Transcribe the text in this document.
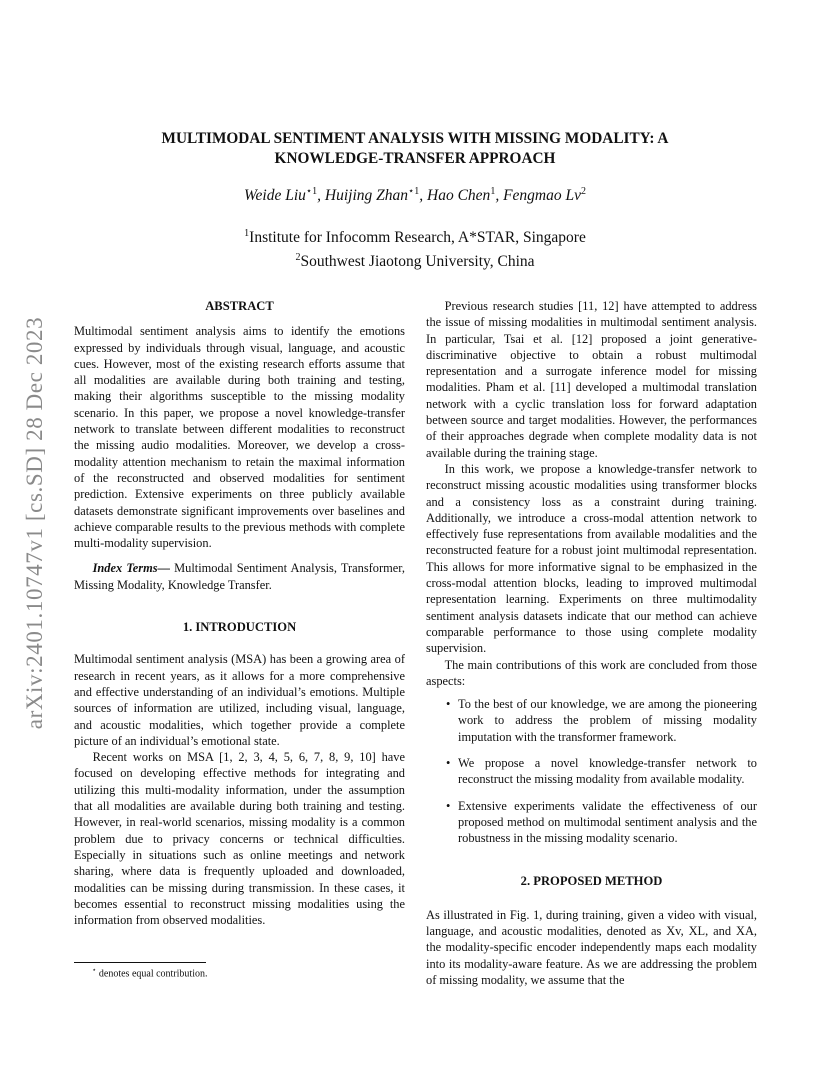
arXiv:2401.10747v1 [cs.SD] 28 Dec 2023
MULTIMODAL SENTIMENT ANALYSIS WITH MISSING MODALITY: A
KNOWLEDGE-TRANSFER APPROACH
Weide Liu$^{⋆1}$, Huijing Zhan$^{⋆1}$, Hao Chen$^1$, Fengmao Lv$^2$
$^1$Institute for Infocomm Research, A*STAR, Singapore
$^2$Southwest Jiaotong University, China
ABSTRACT

Multimodal sentiment analysis aims to identify the emotions expressed by individuals through visual, language, and acoustic cues. However, most of the existing research efforts assume that all modalities are available during both training and testing, making their algorithms susceptible to the missing modality scenario. In this paper, we propose a novel knowledge-transfer network to translate between different modalities to reconstruct the missing audio modalities. Moreover, we develop a cross-modality attention mechanism to retain the maximal information of the reconstructed and observed modalities for sentiment prediction. Extensive experiments on three publicly available datasets demonstrate significant improvements over baselines and achieve comparable results to the previous methods with complete multi-modality supervision.

Index Terms— Multimodal Sentiment Analysis, Transformer, Missing Modality, Knowledge Transfer.

1. INTRODUCTION

Multimodal sentiment analysis (MSA) has been a growing area of research in recent years, as it allows for a more comprehensive and effective understanding of an individual’s emotions. Multiple sources of information are utilized, including visual, language, and acoustic modalities, which together provide a complete picture of an individual’s emotional state.

Recent works on MSA [1, 2, 3, 4, 5, 6, 7, 8, 9, 10] have focused on developing effective methods for integrating and utilizing this multi-modality information, under the assumption that all modalities are available during both training and testing. However, in real-world scenarios, missing modality is a common problem due to privacy concerns or technical difficulties. Especially in situations such as online meetings and network sharing, where data is frequently uploaded and downloaded, modalities can be missing during transmission. In these cases, it becomes essential to reconstruct missing modalities using the information from observed modalities.

Previous research studies [11, 12] have attempted to address the issue of missing modalities in multimodal sentiment analysis. In particular, Tsai et al. [12] proposed a joint generative-discriminative objective to obtain a robust multimodal representation and a surrogate inference model for missing modalities. Pham et al. [11] developed a multimodal translation network with a cyclic translation loss for forward adaptation between source and target modalities. However, the performances of their approaches degrade when complete modality data is not available during the training stage.

In this work, we propose a knowledge-transfer network to reconstruct missing acoustic modalities using transformer blocks and a consistency loss as a constraint during training. Additionally, we introduce a cross-modal attention network to effectively fuse representations from available modalities and the reconstructed feature for a robust joint multimodal representation. This allows for more informative signal to be emphasized in the cross-modal attention blocks, leading to improved multimodal representation learning. Experiments on three multimodality sentiment analysis datasets indicate that our method can achieve comparable performance to those using complete modality supervision.

The main contributions of this work are concluded from those aspects:

• To the best of our knowledge, we are among the pioneering work to address the problem of missing modality imputation with the transformer framework.
• We propose a novel knowledge-transfer network to reconstruct the missing modality from available modality.
• Extensive experiments validate the effectiveness of our proposed method on multimodal sentiment analysis and the robustness in the missing modality scenario.
2. PROPOSED METHOD

As illustrated in Fig. 1, during training, given a video with visual, language, and acoustic modalities, denoted as Xv, XL, and XA, the modality-specific encoder independently maps each modality into its modality-aware feature. As we are addressing the problem of missing modality, we assume that the

⋆ denotes equal contribution.
